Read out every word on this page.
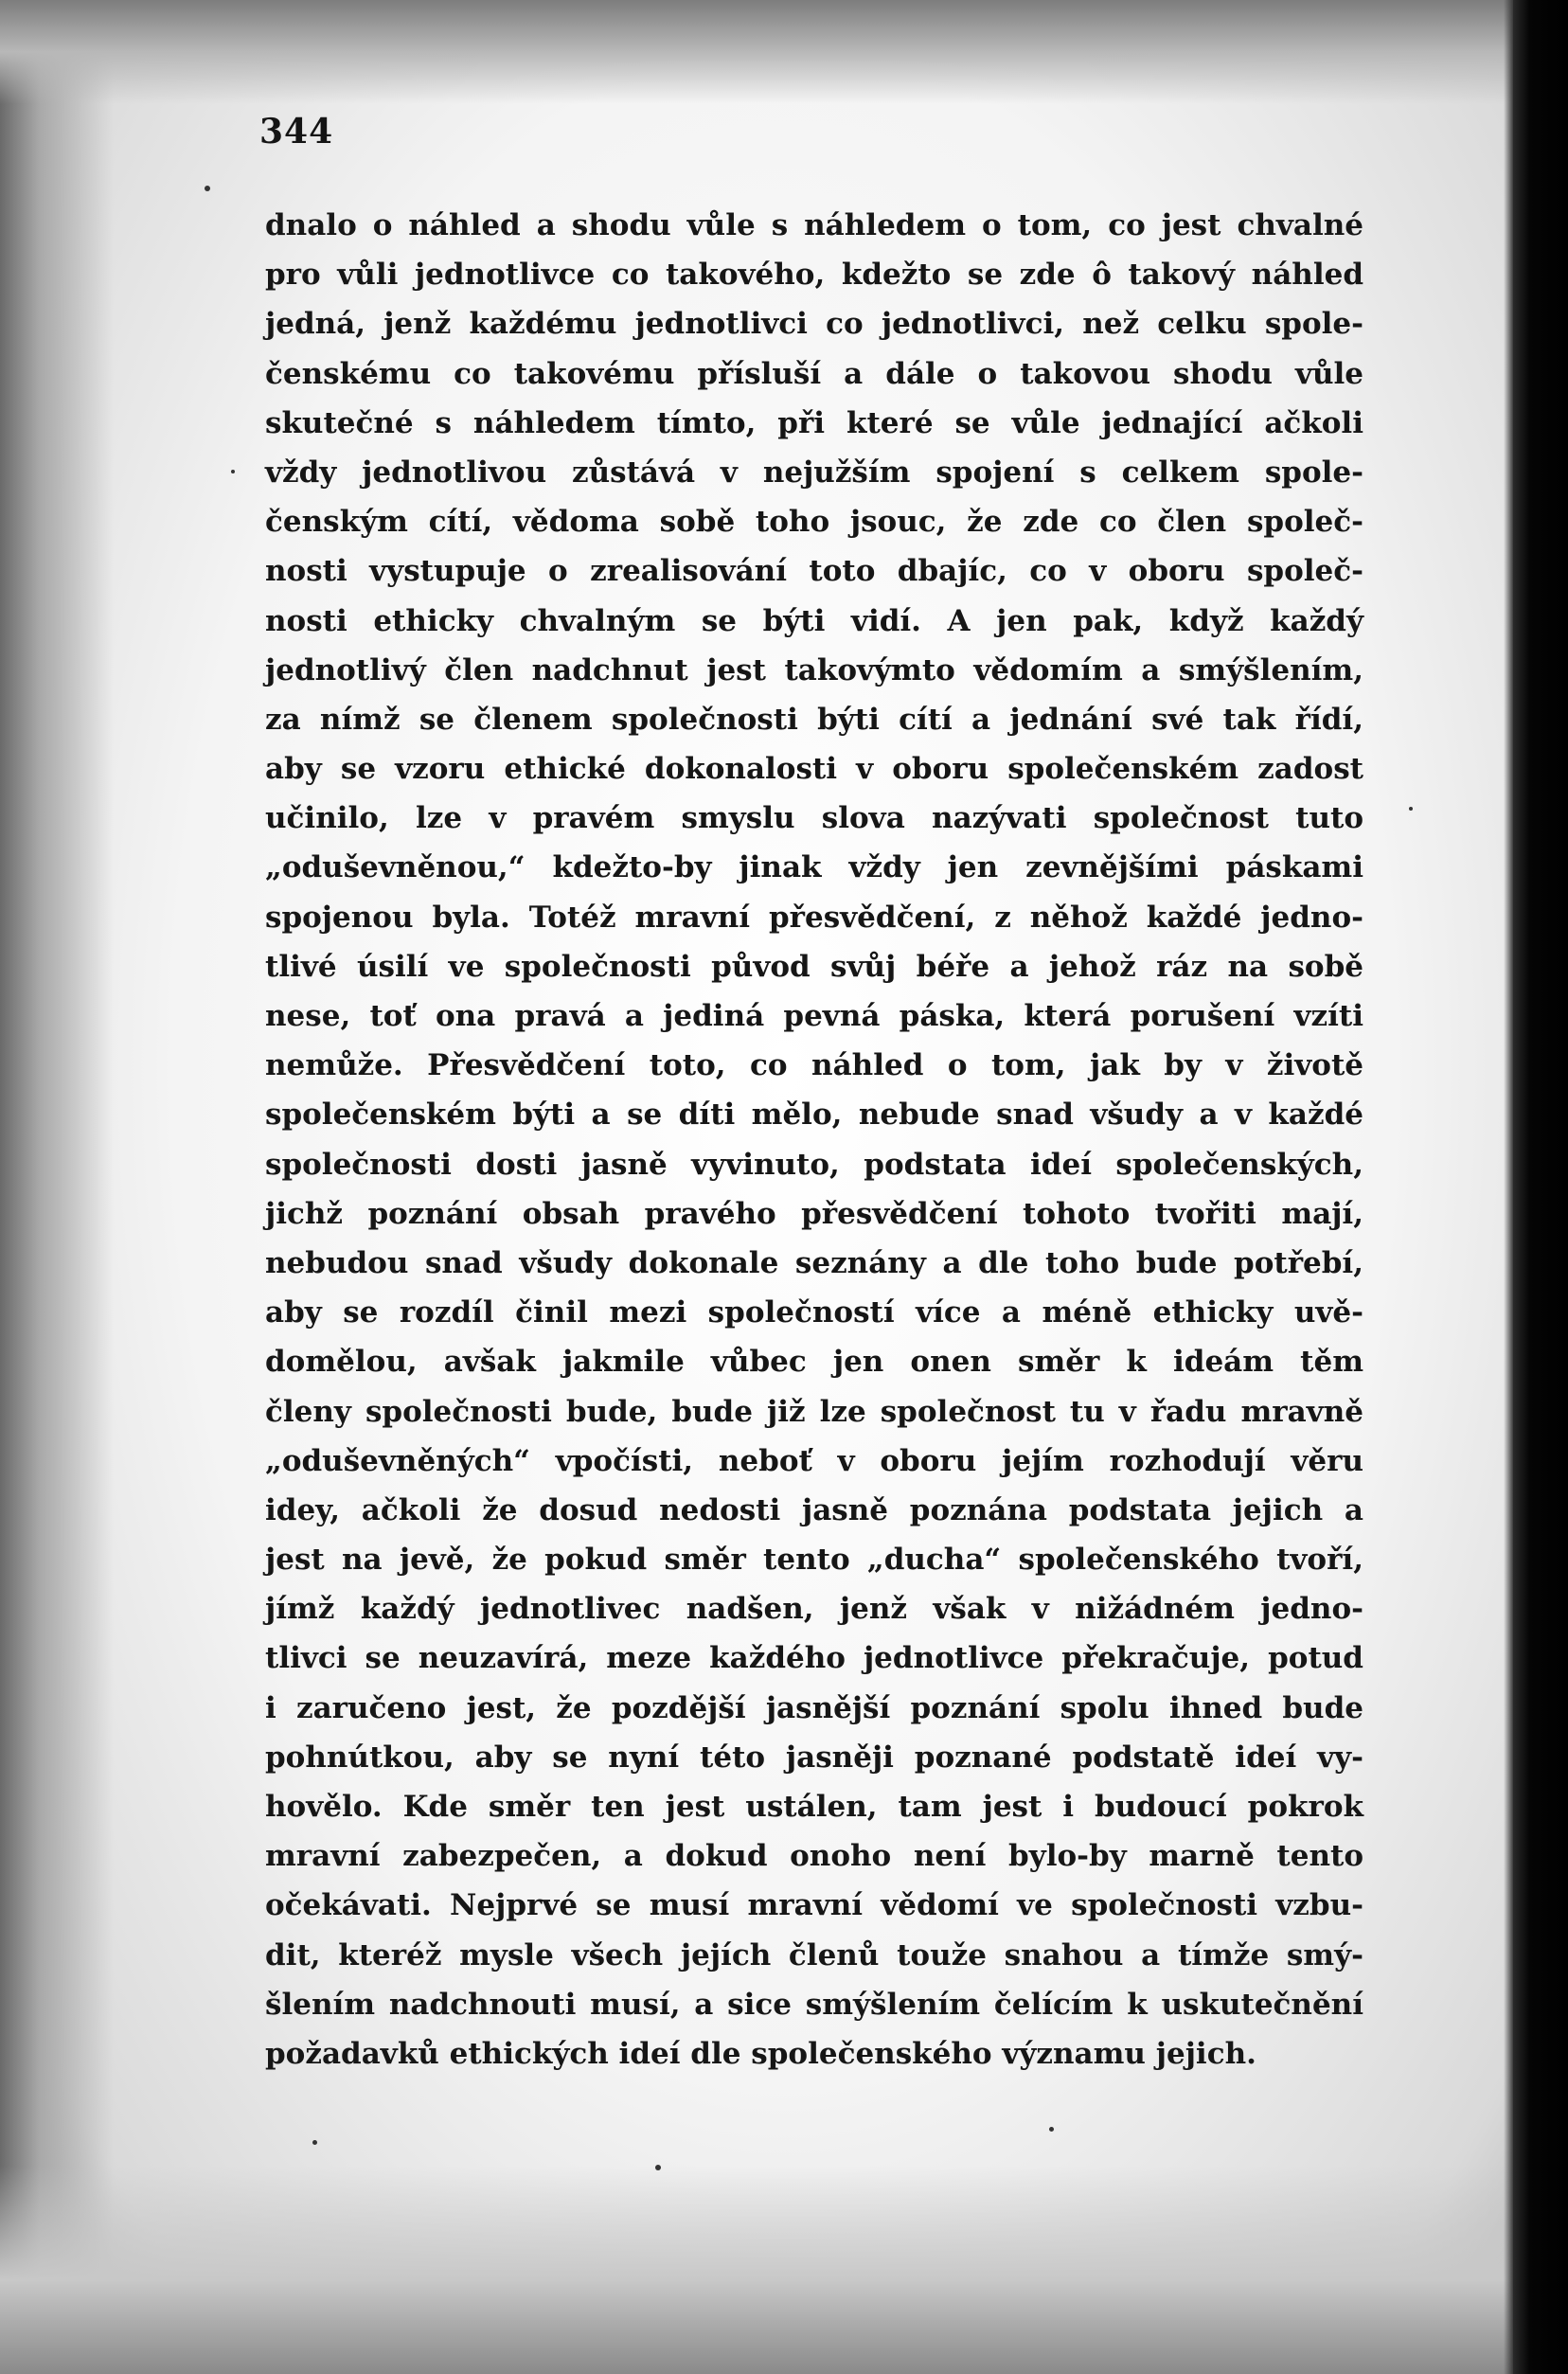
344
dnalo o náhled a shodu vůle s náhledem o tom, co jest chvalné
pro vůli jednotlivce co takového, kdežto se zde ô takový náhled
jedná, jenž každému jednotlivci co jednotlivci, než celku spole-
čenskému co takovému přísluší a dále o takovou shodu vůle
skutečné s náhledem tímto, při které se vůle jednající ačkoli
vždy jednotlivou zůstává v nejužším spojení s celkem spole-
čenským cítí, vědoma sobě toho jsouc, že zde co člen společ-
nosti vystupuje o zrealisování toto dbajíc, co v oboru společ-
nosti ethicky chvalným se býti vidí. A jen pak, když každý
jednotlivý člen nadchnut jest takovýmto vědomím a smýšlením,
za nímž se členem společnosti býti cítí a jednání své tak řídí,
aby se vzoru ethické dokonalosti v oboru společenském zadost
učinilo, lze v pravém smyslu slova nazývati společnost tuto
„oduševněnou,“ kdežto-by jinak vždy jen zevnějšími páskami
spojenou byla. Totéž mravní přesvědčení, z něhož každé jedno-
tlivé úsilí ve společnosti původ svůj béře a jehož ráz na sobě
nese, toť ona pravá a jediná pevná páska, která porušení vzíti
nemůže. Přesvědčení toto, co náhled o tom, jak by v životě
společenském býti a se díti mělo, nebude snad všudy a v každé
společnosti dosti jasně vyvinuto, podstata ideí společenských,
jichž poznání obsah pravého přesvědčení tohoto tvořiti mají,
nebudou snad všudy dokonale seznány a dle toho bude potřebí,
aby se rozdíl činil mezi společností více a méně ethicky uvě-
domělou, avšak jakmile vůbec jen onen směr k ideám těm
členy společnosti bude, bude již lze společnost tu v řadu mravně
„oduševněných“ vpočísti, neboť v oboru jejím rozhodují věru
idey, ačkoli že dosud nedosti jasně poznána podstata jejich a
jest na jevě, že pokud směr tento „ducha“ společenského tvoří,
jímž každý jednotlivec nadšen, jenž však v nižádném jedno-
tlivci se neuzavírá, meze každého jednotlivce překračuje, potud
i zaručeno jest, že pozdější jasnější poznání spolu ihned bude
pohnútkou, aby se nyní této jasněji poznané podstatě ideí vy-
hovělo. Kde směr ten jest ustálen, tam jest i budoucí pokrok
mravní zabezpečen, a dokud onoho není bylo-by marně tento
očekávati. Nejprvé se musí mravní vědomí ve společnosti vzbu-
dit, kteréž mysle všech jejích členů touže snahou a tímže smý-
šlením nadchnouti musí, a sice smýšlením čelícím k uskutečnění
požadavků ethických ideí dle společenského významu jejich.
